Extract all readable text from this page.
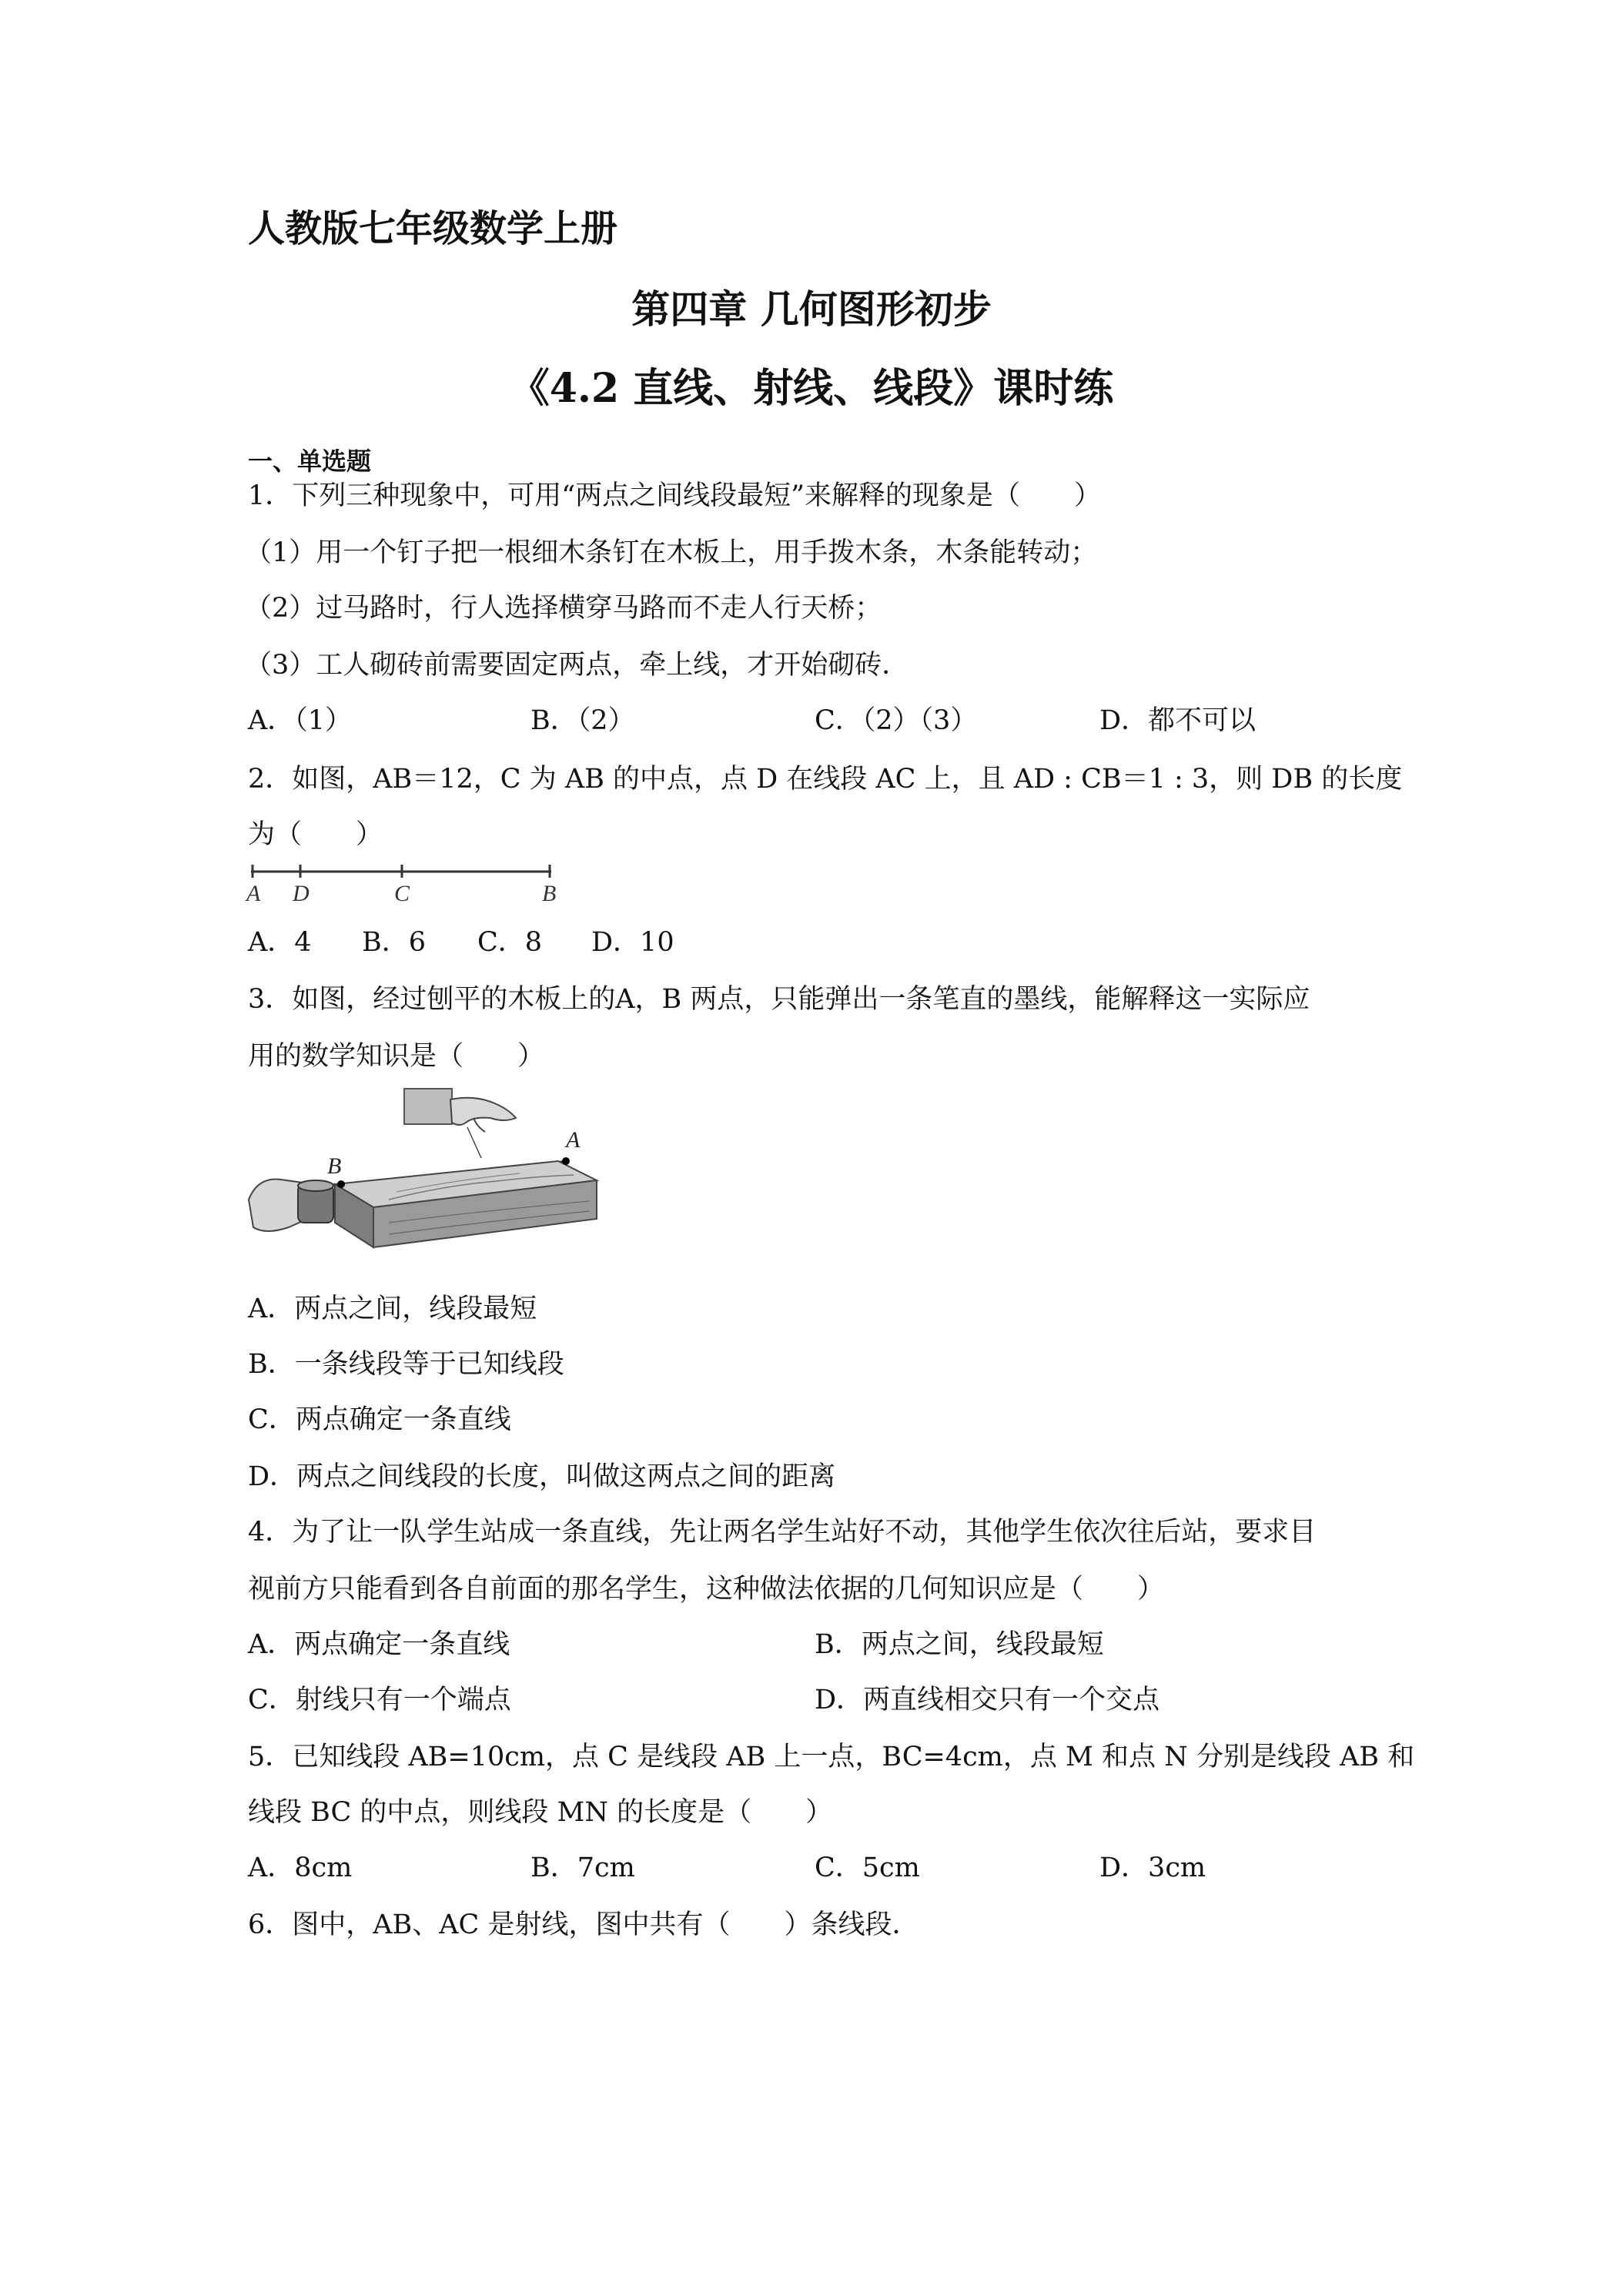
人教版七年级数学上册
第四章 几何图形初步
《4.2 直线、射线、线段》课时练
一、单选题
1．下列三种现象中，可用“两点之间线段最短”来解释的现象是（　　）
（1）用一个钉子把一根细木条钉在木板上，用手拨木条，木条能转动；
（2）过马路时，行人选择横穿马路而不走人行天桥；
（3）工人砌砖前需要固定两点，牵上线，才开始砌砖．
A．（1）	B．（2）	C．（2）（3）	D．都不可以
2．如图，AB＝12，C 为 AB 的中点，点 D 在线段 AC 上，且 AD : CB＝1 : 3，则 DB 的长度
为（　　）
A D	C	B
A．4 B．6 C．8 D．10
3．如图，经过刨平的木板上的A，B 两点，只能弹出一条笔直的墨线，能解释这一实际应
用的数学知识是（　　）
B
A
A．两点之间，线段最短
B．一条线段等于已知线段
C．两点确定一条直线
D．两点之间线段的长度，叫做这两点之间的距离
4．为了让一队学生站成一条直线，先让两名学生站好不动，其他学生依次往后站，要求目
视前方只能看到各自前面的那名学生，这种做法依据的几何知识应是（　　）
A．两点确定一条直线	B．两点之间，线段最短
C．射线只有一个端点	D．两直线相交只有一个交点
5．已知线段 AB=10cm，点 C 是线段 AB 上一点，BC=4cm，点 M 和点 N 分别是线段 AB 和
线段 BC 的中点，则线段 MN 的长度是（　　）
A．8cm	B．7cm	C．5cm	D．3cm
6．图中，AB、AC 是射线，图中共有（　　）条线段．
